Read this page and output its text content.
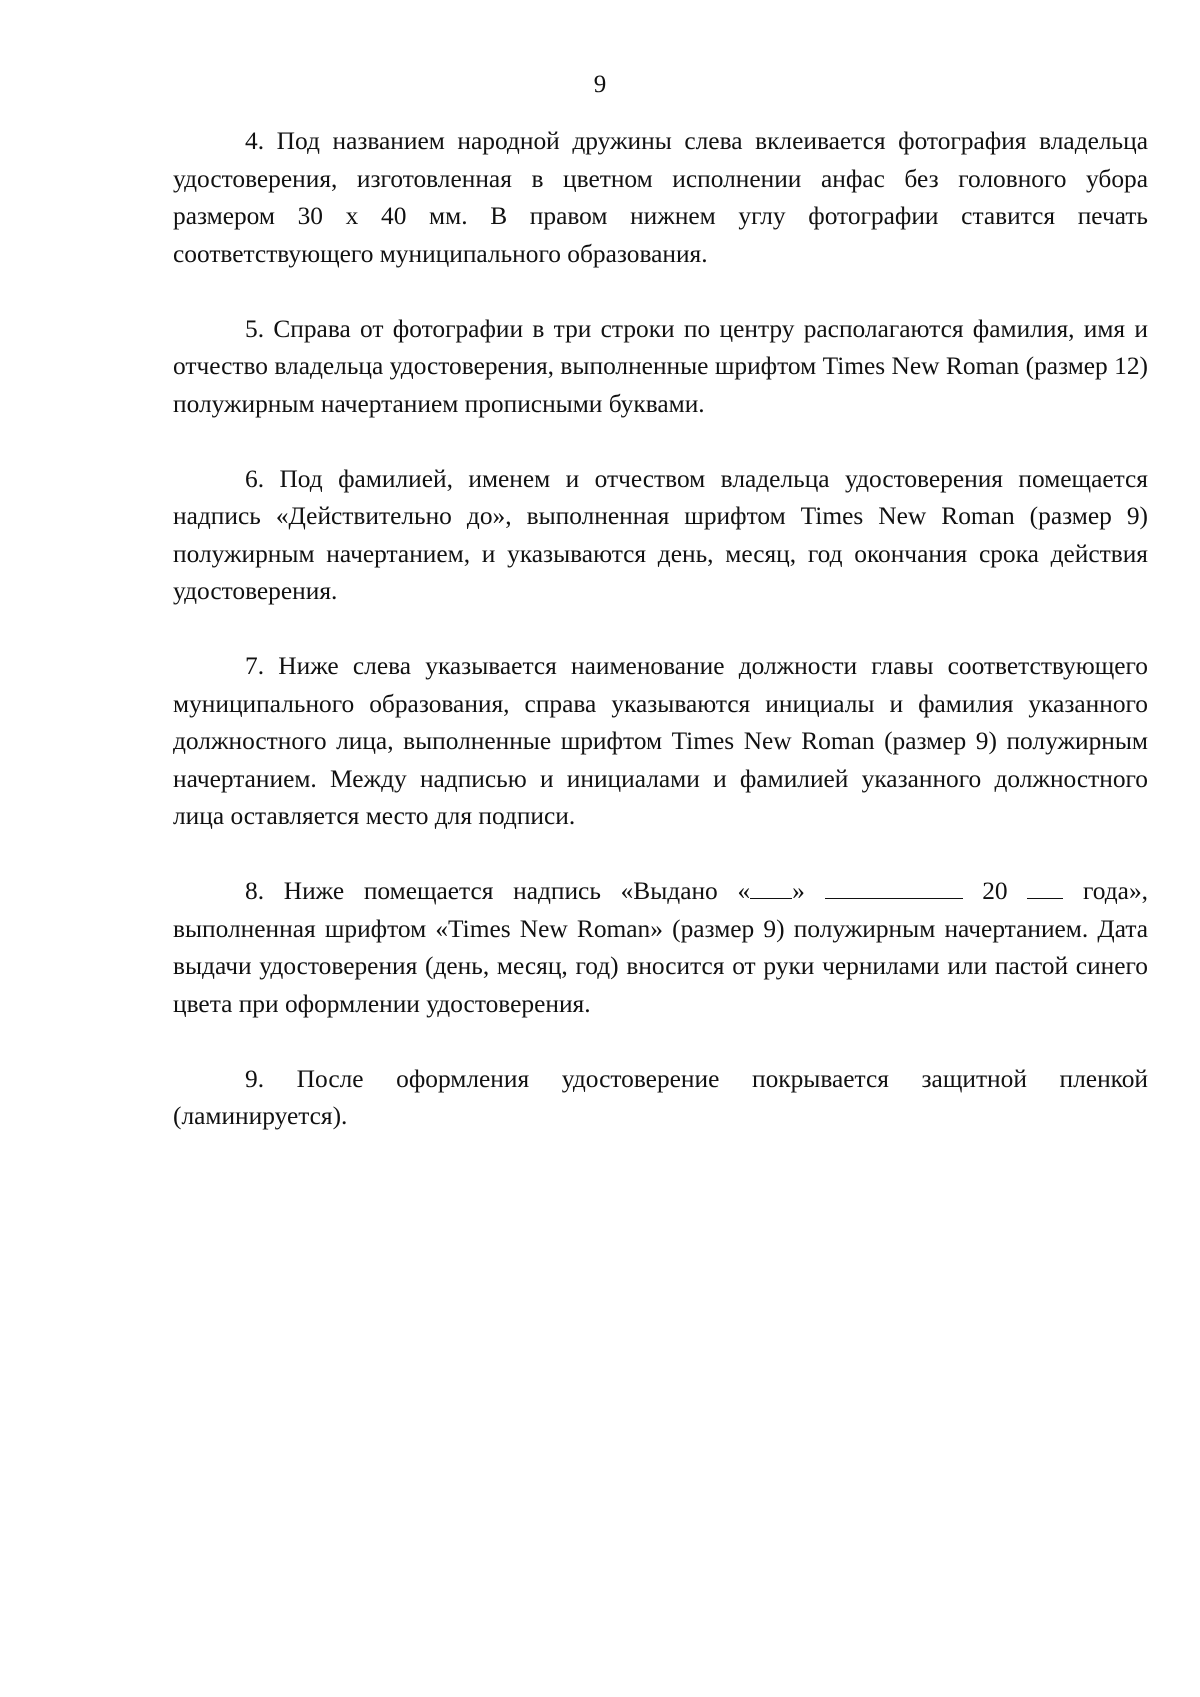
9

4. Под названием народной дружины слева вклеивается фотография владельца удостоверения, изготовленная в цветном исполнении анфас без головного убора размером 30 х 40 мм. В правом нижнем углу фотографии ставится печать соответствующего муниципального образования.

5. Справа от фотографии в три строки по центру располагаются фамилия, имя и отчество владельца удостоверения, выполненные шрифтом Times New Roman (размер 12) полужирным начертанием прописными буквами.

6. Под фамилией, именем и отчеством владельца удостоверения помещается надпись «Действительно до», выполненная шрифтом Times New Roman (размер 9) полужирным начертанием, и указываются день, месяц, год окончания срока действия удостоверения.

7. Ниже слева указывается наименование должности главы соответствующего муниципального образования, справа указываются инициалы и фамилия указанного должностного лица, выполненные шрифтом Times New Roman (размер 9) полужирным начертанием. Между надписью и инициалами и фамилией указанного должностного лица оставляется место для подписи.

8. Ниже помещается надпись «Выдано « »	20  года», выполненная шрифтом «Times New Roman» (размер 9) полужирным начертанием. Дата выдачи удостоверения (день, месяц, год) вносится от руки чернилами или пастой синего цвета при оформлении удостоверения.

9. После оформления удостоверение покрывается защитной пленкой (ламинируется).
